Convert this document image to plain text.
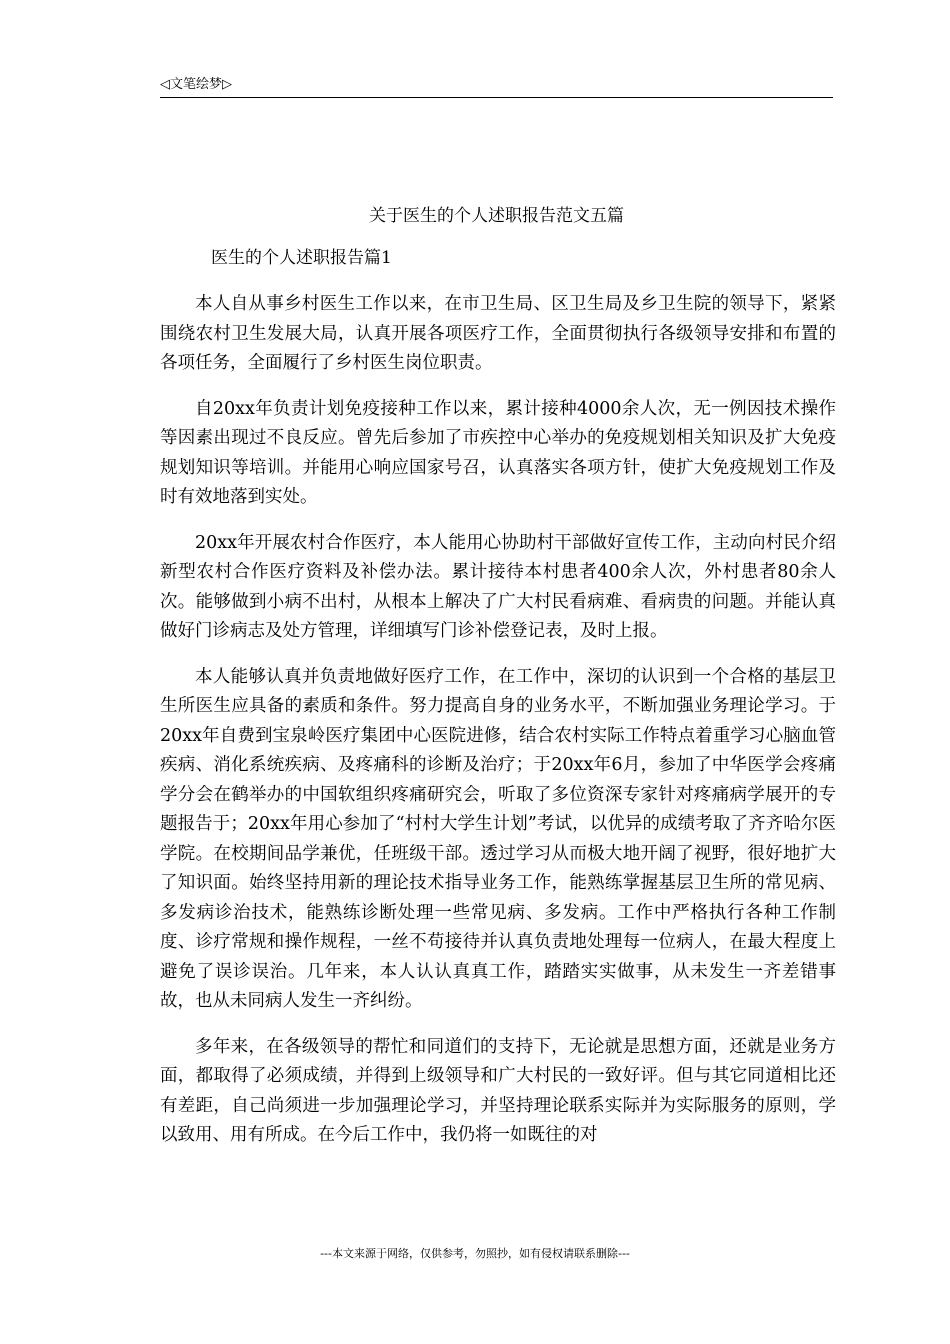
◁文笔绘梦▷
关于医生的个人述职报告范文五篇
医生的个人述职报告篇1

本人自从事乡村医生工作以来，在市卫生局、区卫生局及乡卫生院的领导下，紧紧围绕农村卫生发展大局，认真开展各项医疗工作，全面贯彻执行各级领导安排和布置的各项任务，全面履行了乡村医生岗位职责。

自20xx年负责计划免疫接种工作以来，累计接种4000余人次，无一例因技术操作等因素出现过不良反应。曾先后参加了市疾控中心举办的免疫规划相关知识及扩大免疫规划知识等培训。并能用心响应国家号召，认真落实各项方针，使扩大免疫规划工作及时有效地落到实处。

20xx年开展农村合作医疗，本人能用心协助村干部做好宣传工作，主动向村民介绍新型农村合作医疗资料及补偿办法。累计接待本村患者400余人次，外村患者80余人次。能够做到小病不出村，从根本上解决了广大村民看病难、看病贵的问题。并能认真做好门诊病志及处方管理，详细填写门诊补偿登记表，及时上报。

本人能够认真并负责地做好医疗工作，在工作中，深切的认识到一个合格的基层卫生所医生应具备的素质和条件。努力提高自身的业务水平，不断加强业务理论学习。于20xx年自费到宝泉岭医疗集团中心医院进修，结合农村实际工作特点着重学习心脑血管疾病、消化系统疾病、及疼痛科的诊断及治疗；于20xx年6月，参加了中华医学会疼痛学分会在鹤举办的中国软组织疼痛研究会，听取了多位资深专家针对疼痛病学展开的专题报告于；20xx年用心参加了“村村大学生计划”考试，以优异的成绩考取了齐齐哈尔医学院。在校期间品学兼优，任班级干部。透过学习从而极大地开阔了视野，很好地扩大了知识面。始终坚持用新的理论技术指导业务工作，能熟练掌握基层卫生所的常见病、多发病诊治技术，能熟练诊断处理一些常见病、多发病。工作中严格执行各种工作制度、诊疗常规和操作规程，一丝不苟接待并认真负责地处理每一位病人，在最大程度上避免了误诊误治。几年来，本人认认真真工作，踏踏实实做事，从未发生一齐差错事故，也从未同病人发生一齐纠纷。

多年来，在各级领导的帮忙和同道们的支持下，无论就是思想方面，还就是业务方面，都取得了必须成绩，并得到上级领导和广大村民的一致好评。但与其它同道相比还有差距，自己尚须进一步加强理论学习，并坚持理论联系实际并为实际服务的原则，学以致用、用有所成。在今后工作中，我仍将一如既往的对

---本文来源于网络，仅供参考，勿照抄，如有侵权请联系删除---
